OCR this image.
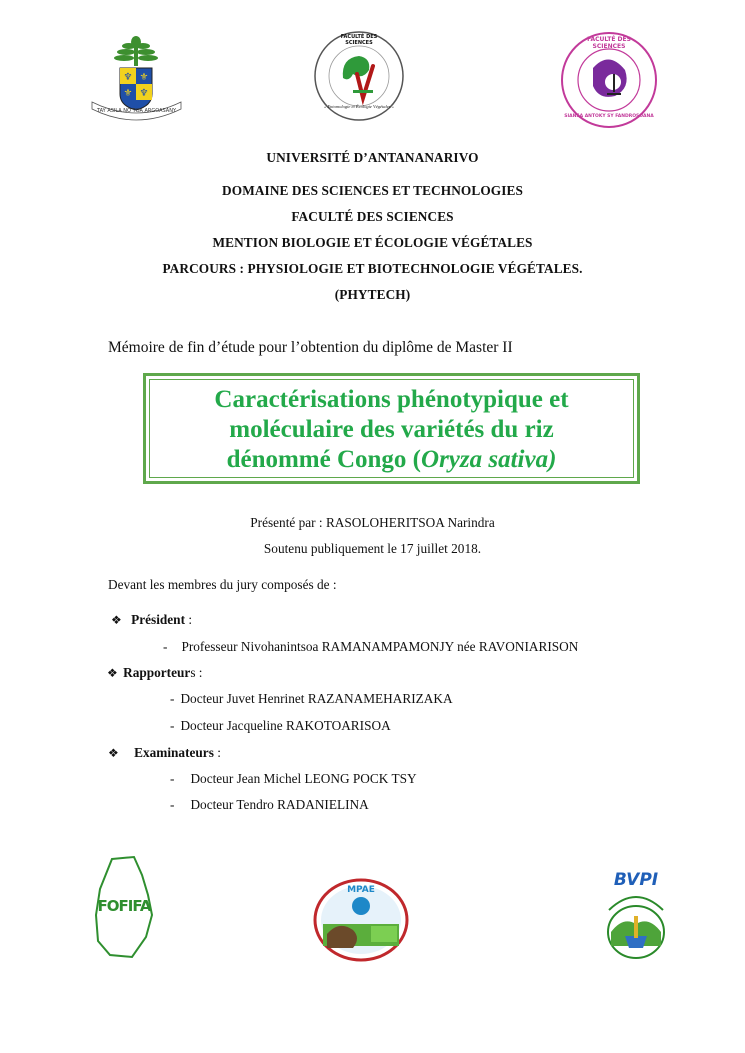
♆ ⚜
⚜ ♆
TAY ASILA NO TOA ARGOASANY
FACULTÉ DES SCIENCES
« Entomologie et Écologie Végétales »
FACULTÉ DES SCIENCES
SIANSA ANTOKY SY FANDROSOANA
UNIVERSITÉ D’ANTANANARIVO
DOMAINE DES SCIENCES ET TECHNOLOGIES
FACULTÉ DES SCIENCES
MENTION BIOLOGIE ET ÉCOLOGIE VÉGÉTALES
PARCOURS : PHYSIOLOGIE ET BIOTECHNOLOGIE VÉGÉTALES.
(PHYTECH)
Mémoire de fin d’étude pour l’obtention du diplôme de Master II
Caractérisations phénotypique et
moléculaire des variétés du riz
dénommé Congo (Oryza sativa)
Présenté par : RASOLOHERITSOA Narindra
Soutenu publiquement le 17 juillet 2018.
Devant les membres du jury composés de :
❖ Président :
- Professeur Nivohanintsoa RAMANAMPAMONJY née RAVONIARISON
❖ Rapporteurs :
- Docteur Juvet Henrinet RAZANAMEHARIZAKA
- Docteur Jacqueline RAKOTOARISOA
❖ Examinateurs :
- Docteur Jean Michel LEONG POCK TSY
- Docteur Tendro RADANIELINA
FOFIFA
MPAE	BVPI
